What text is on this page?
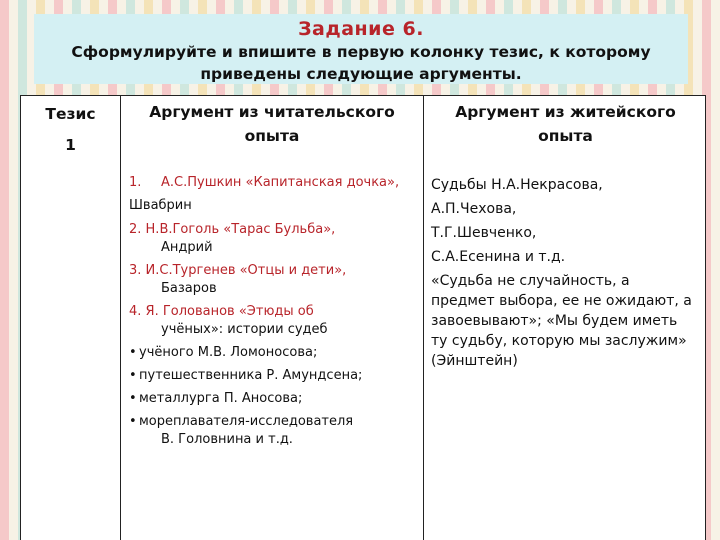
Задание 6.
Сформулируйте и впишите в первую колонку тезис, к которому приведены следующие аргументы.
Тезис
1
Аргумент из читательского опыта
1.	А.С.Пушкин «Капитанская дочка»,
Швабрин
2. Н.В.Гоголь «Тарас Бульба»,
Андрий
3. И.С.Тургенев «Отцы и дети»,
Базаров
4. Я. Голованов «Этюды об
учёных»: истории судеб
• учёного М.В. Ломоносова;
• путешественника Р. Амундсена;
• металлурга П. Аносова;
• мореплавателя-исследователя
В. Головнина и т.д.
Аргумент из житейского опыта
Судьбы Н.А.Некрасова,
А.П.Чехова,
Т.Г.Шевченко,
С.А.Есенина и т.д.
«Судьба не случайность, а предмет выбора, ее не ожидают, а завоевывают»; «Мы будем иметь ту судьбу, которую мы заслужим» (Эйнштейн)
